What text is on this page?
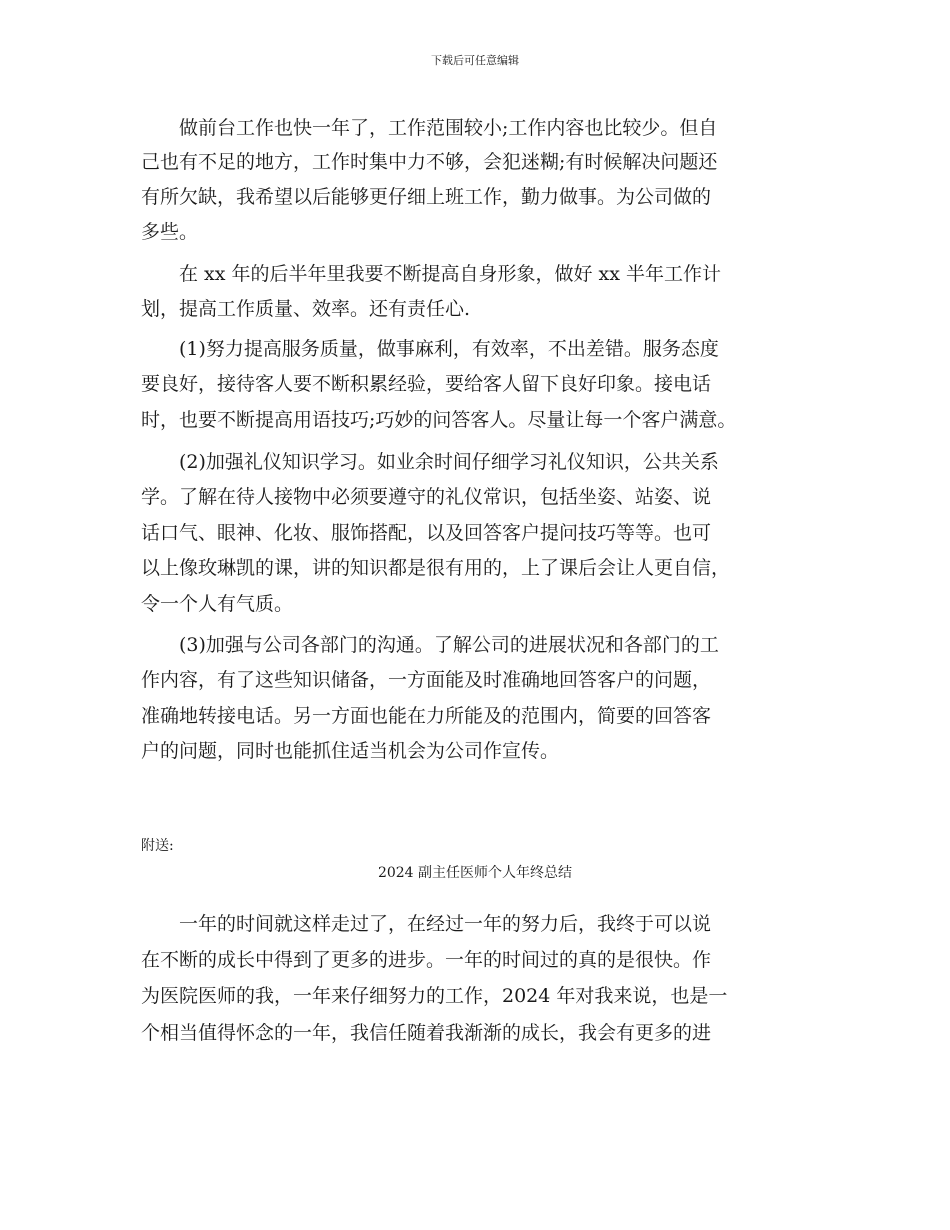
下载后可任意编辑
　　做前台工作也快一年了，工作范围较小;工作内容也比较少。但自
己也有不足的地方，工作时集中力不够，会犯迷糊;有时候解决问题还
有所欠缺，我希望以后能够更仔细上班工作，勤力做事。为公司做的
多些。
　　在 xx 年的后半年里我要不断提高自身形象，做好 xx 半年工作计
划，提高工作质量、效率。还有责任心.
　　(1)努力提高服务质量，做事麻利，有效率，不出差错。服务态度
要良好，接待客人要不断积累经验，要给客人留下良好印象。接电话
时，也要不断提高用语技巧;巧妙的问答客人。尽量让每一个客户满意。
　　(2)加强礼仪知识学习。如业余时间仔细学习礼仪知识，公共关系
学。了解在待人接物中必须要遵守的礼仪常识，包括坐姿、站姿、说
话口气、眼神、化妆、服饰搭配，以及回答客户提问技巧等等。也可
以上像玫琳凯的课，讲的知识都是很有用的，上了课后会让人更自信，
令一个人有气质。
　　(3)加强与公司各部门的沟通。了解公司的进展状况和各部门的工
作内容，有了这些知识储备，一方面能及时准确地回答客户的问题，
准确地转接电话。另一方面也能在力所能及的范围内，简要的回答客
户的问题，同时也能抓住适当机会为公司作宣传。
附送:
2024 副主任医师个人年终总结
　　一年的时间就这样走过了，在经过一年的努力后，我终于可以说
在不断的成长中得到了更多的进步。一年的时间过的真的是很快。作
为医院医师的我，一年来仔细努力的工作，2024 年对我来说，也是一
个相当值得怀念的一年，我信任随着我渐渐的成长，我会有更多的进
